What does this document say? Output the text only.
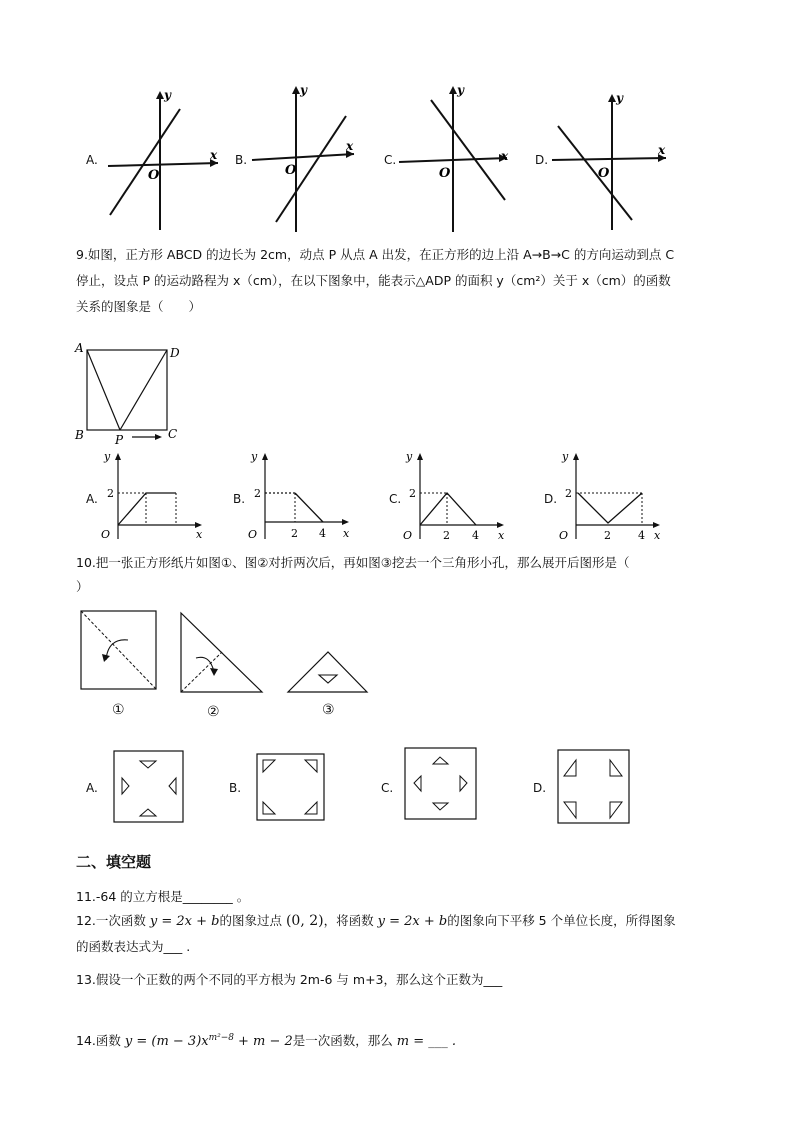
A.	B.	C.	D.
y
x
O
y
x
O
y
x
O
y
x
O
9.如图，正方形 ABCD 的边长为 2cm，动点 P 从点 A 出发，在正方形的边上沿 A→B→C 的方向运动到点 C
停止，设点 P 的运动路程为 x（cm），在以下图象中，能表示△ADP 的面积 y（cm²）关于 x（cm）的函数
关系的图象是（　　）
A	D
B	C
P
A.	B.	C.	D.
y
2
O	x
y
2
O	2 4 x
y
2
O	2 4 x
y
2
O	2 4 x
10.把一张正方形纸片如图①、图②对折两次后，再如图③挖去一个三角形小孔，那么展开后图形是（
）
①	②	③
A.	B.	C.	D.
二、填空题
11.-64 的立方根是________ 。
12.一次函数 y = 2x + b的图象过点 (0, 2)，将函数 y = 2x + b的图象向下平移 5 个单位长度，所得图象
的函数表达式为___ .
13.假设一个正数的两个不同的平方根为 2m-6 与 m+3，那么这个正数为___
14.函数 $y = (m - 3)x^{m^2-8} + m - 2$是一次函数，那么 m = ___ .
